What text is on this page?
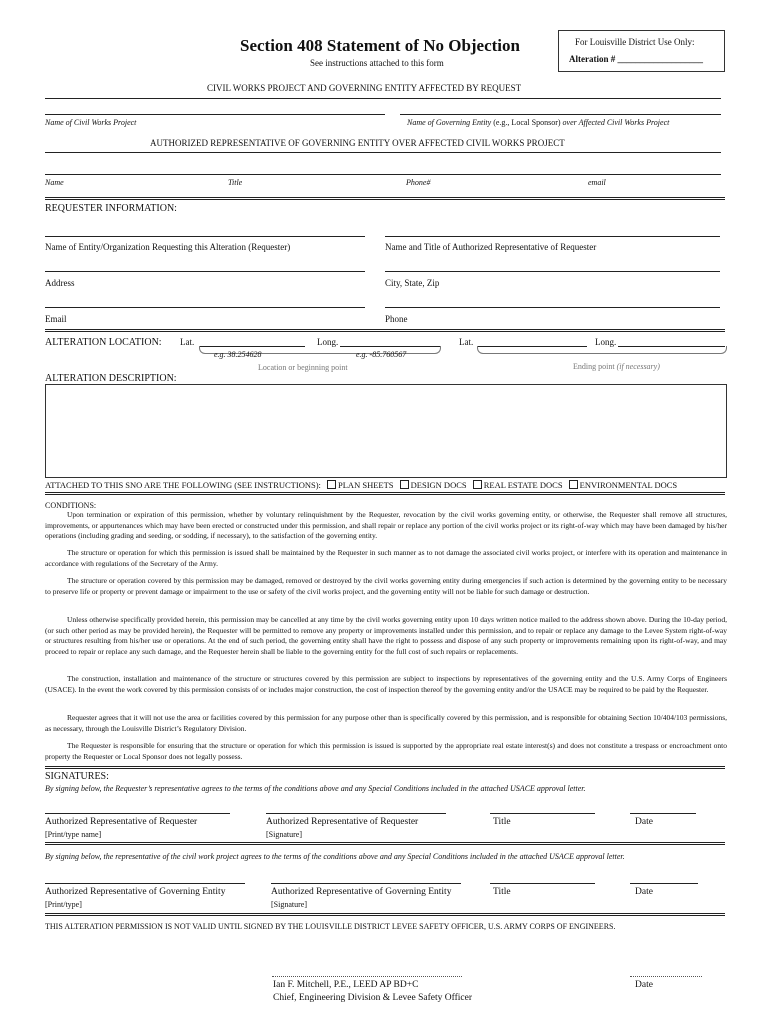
Section 408 Statement of No Objection
See instructions attached to this form
For Louisville District Use Only:
Alteration # ___________________
CIVIL WORKS PROJECT AND GOVERNING ENTITY AFFECTED BY REQUEST
Name of Civil Works Project	Name of Governing Entity (e.g., Local Sponsor) over Affected Civil Works Project
AUTHORIZED REPRESENTATIVE OF GOVERNING ENTITY OVER AFFECTED CIVIL WORKS PROJECT
Name	Title	Phone#	email
REQUESTER INFORMATION:
Name of Entity/Organization Requesting this Alteration (Requester)	Name and Title of Authorized Representative of Requester
Address	City, State, Zip
Email	Phone
ALTERATION LOCATION: Lat.	Long.	Lat.	Long.
e.g. 38.254628	e.g. -85.760567
Location or beginning point	Ending point (if necessary)
ALTERATION DESCRIPTION:
ATTACHED TO THIS SNO ARE THE FOLLOWING (SEE INSTRUCTIONS): PLAN SHEETS DESIGN DOCS REAL ESTATE DOCS ENVIRONMENTAL DOCS
CONDITIONS:

Upon termination or expiration of this permission, whether by voluntary relinquishment by the Requester, revocation by the civil works governing entity, or otherwise, the Requester shall remove all structures, improvements, or appurtenances which may have been erected or constructed under this permission, and shall repair or replace any portion of the civil works project or its right-of-way which may have been damaged by his/her operations (including grading and seeding, or sodding, if necessary), to the satisfaction of the governing entity.

The structure or operation for which this permission is issued shall be maintained by the Requester in such manner as to not damage the associated civil works project, or interfere with its operation and maintenance in accordance with regulations of the Secretary of the Army.

The structure or operation covered by this permission may be damaged, removed or destroyed by the civil works governing entity during emergencies if such action is determined by the governing entity to be necessary to preserve life or property or prevent damage or impairment to the use or safety of the civil works project, and the governing entity will not be liable for such damage or destruction.

Unless otherwise specifically provided herein, this permission may be cancelled at any time by the civil works governing entity upon 10 days written notice mailed to the address shown above. During the 10-day period, (or such other period as may be provided herein), the Requester will be permitted to remove any property or improvements installed under this permission, and to repair or replace any damage to the Levee System right-of-way or structures resulting from his/her use or operations. At the end of such period, the governing entity shall have the right to possess and dispose of any such property or improvements remaining upon its right-of-way, and may proceed to repair or replace any such damage, and the Requester herein shall be liable to the governing entity for the full cost of such repairs or replacements.

The construction, installation and maintenance of the structure or structures covered by this permission are subject to inspections by representatives of the governing entity and the U.S. Army Corps of Engineers (USACE). In the event the work covered by this permission consists of or includes major construction, the cost of inspection thereof by the governing entity and/or the USACE may be required to be paid by the Requester.

Requester agrees that it will not use the area or facilities covered by this permission for any purpose other than is specifically covered by this permission, and is responsible for obtaining Section 10/404/103 permissions, as necessary, through the Louisville District’s Regulatory Division.

The Requester is responsible for ensuring that the structure or operation for which this permission is issued is supported by the appropriate real estate interest(s) and does not constitute a trespass or encroachment onto property the Requester or Local Sponsor does not legally possess.

SIGNATURES:
By signing below, the Requester’s representative agrees to the terms of the conditions above and any Special Conditions included in the attached USACE approval letter.
Authorized Representative of Requester	Authorized Representative of Requester	Title	Date
[Print/type name]	[Signature]
By signing below, the representative of the civil work project agrees to the terms of the conditions above and any Special Conditions included in the attached USACE approval letter.
Authorized Representative of Governing Entity	Authorized Representative of Governing Entity	Title	Date
[Print/type]	[Signature]
THIS ALTERATION PERMISSION IS NOT VALID UNTIL SIGNED BY THE LOUISVILLE DISTRICT LEVEE SAFETY OFFICER, U.S. ARMY CORPS OF ENGINEERS.
Ian F. Mitchell, P.E., LEED AP BD+C	Date
Chief, Engineering Division & Levee Safety Officer
